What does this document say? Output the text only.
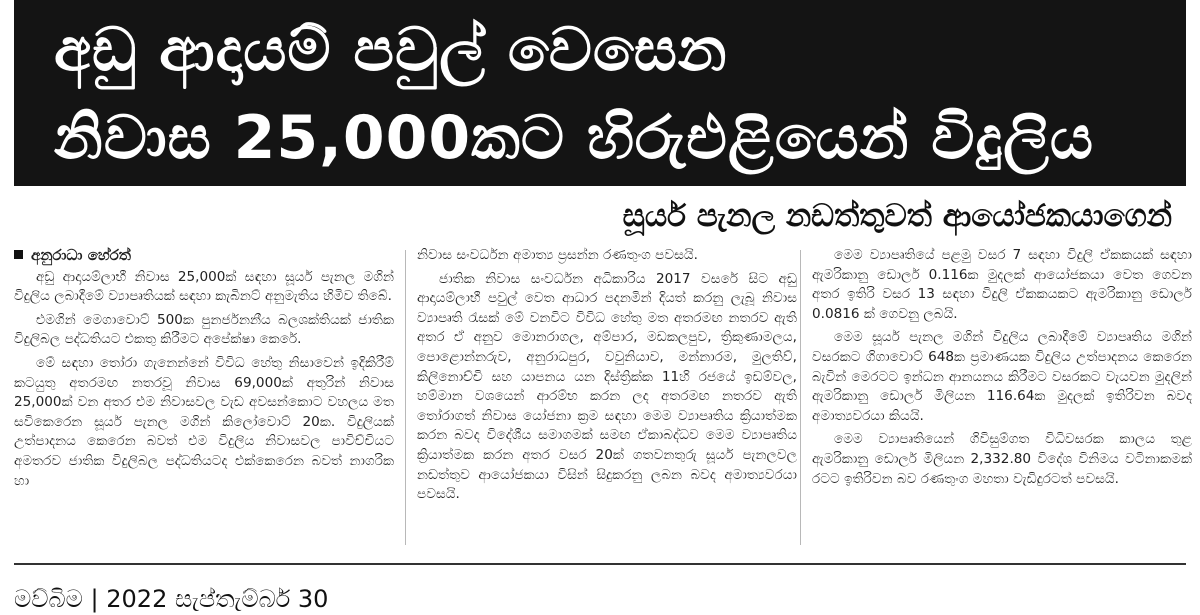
අඩු ආදායම් පවුල් වෙසෙන
නිවාස 25,000කට හිරුඑළියෙන් විදුලිය
සූර්ය පැනල නඩත්තුවත් ආයෝජකයාගෙන්
අනුරාධා හේරත්

අඩු ආදායම්ලාභී නිවාස 25,000ක් සඳහා සූර්ය පැනල මගින් විදුලිය ලබාදීමේ ව්‍යාපෘතියක් සඳහා කැබිනට් අනුමැතිය හිමිව තිබේ.

එමගින් මෙගාවොට් 500ක පුනර්ජනනීය බලශක්තියක් ජාතික විදුලිබල පද්ධතියට එකතු කිරීමට අපේක්ෂා කෙරේ.

මේ සඳහා තෝරා ගැනෙන්නේ විවිධ හේතු නිසාවෙන් ඉදිකිරීම් කටයුතු අතරමඟ නතරවූ නිවාස 69,000ක් අතුරින් නිවාස 25,000ක් වන අතර එම නිවාසවල වැඩ අවසන්කොට වහලය මත සවිකෙරෙන සූර්ය පැනල මගින් කිලෝවොට් 20ක. විදුලියක් උත්පාදනය කෙරෙන බවත් එම විදුලිය නිවාසවල පාවිච්චියට අමතරව ජාතික විදුලිබල පද්ධතියටද එක්කෙරෙන බවත් නාගරික හා

නිවාස සංවර්ධන අමාත්‍ය ප්‍රසන්න රණතුංග පවසයි.

ජාතික නිවාස සංවර්ධන අධිකාරිය 2017 වසරේ සිට අඩු ආදායම්ලාභී පවුල් වෙත ආධාර පදනමින් දියත් කරනු ලැබූ නිවාස ව්‍යාපෘති රැසක් මේ වනවිට විවිධ හේතු මත අතරමඟ නතරව ඇති අතර ඒ අනුව මොනරාගල, අම්පාර, මඩකලපුව, ත්‍රිකුණාමලය, පොළොන්නරුව, අනුරාධපුර, වවුනියාව, මන්නාරම, මුලතිව්, කිලිනොච්චි සහ යාපනය යන දිස්ත්‍රික්ක 11හි රජයේ ඉඩම්වල, හම්මාන වශයෙන් ආරම්භ කරන ලද අතරමඟ නතරව ඇති තෝරාගත් නිවාස යෝජනා ක්‍රම සඳහා මෙම ව්‍යාපෘතිය ක්‍රියාත්මක කරන බවද විදේශීය සමාගමක් සමඟ ඒකාබද්ධව මෙම ව්‍යාපෘතිය ක්‍රියාත්මක කරන අතර වසර 20ක් ගතවනතුරු සූර්ය පැනලවල නඩත්තුව ආයෝජකයා විසින් සිදුකරනු ලබන බවද අමාත්‍යවරයා පවසයි.

මෙම ව්‍යාපෘතියේ පළමු වසර 7 සඳහා විදුලි ඒකකයක් සඳහා ඇමරිකානු ඩොලර් 0.116ක මුදලක් ආයෝජකයා වෙත ගෙවන අතර ඉතිරි වසර 13 සඳහා විදුලි ඒකකයකට ඇමරිකානු ඩොලර් 0.0816 ක් ගෙවනු ලබයි.

මෙම සූර්ය පැනල මගින් විදුලිය ලබාදීමේ ව්‍යාපෘතිය මගින් වසරකට ගිගාවොට් 648ක ප්‍රමාණයක විදුලිය උත්පාදනය කෙරෙන බැවින් මෙරටට ඉන්ධන ආනයනය කිරීමට වසරකට වැයවන මුදලින් ඇමරිකානු ඩොලර් මිලියන 116.64ක මුදලක් ඉතිරිවන බවද අමාත්‍යවරයා කියයි.

මෙම ව්‍යාපෘතියෙන් ගිවිසුම්ගත විධිවසරක කාලය තුළ ඇමරිකානු ඩොලර් මිලියන 2,332.80 විදේශ විනිමය වටිනාකමක් රටට ඉතිරිවන බව රණතුංග මහතා වැඩිදුරටත් පවසයි.

මව්බිම | 2022 සැප්තැම්බර් 30
